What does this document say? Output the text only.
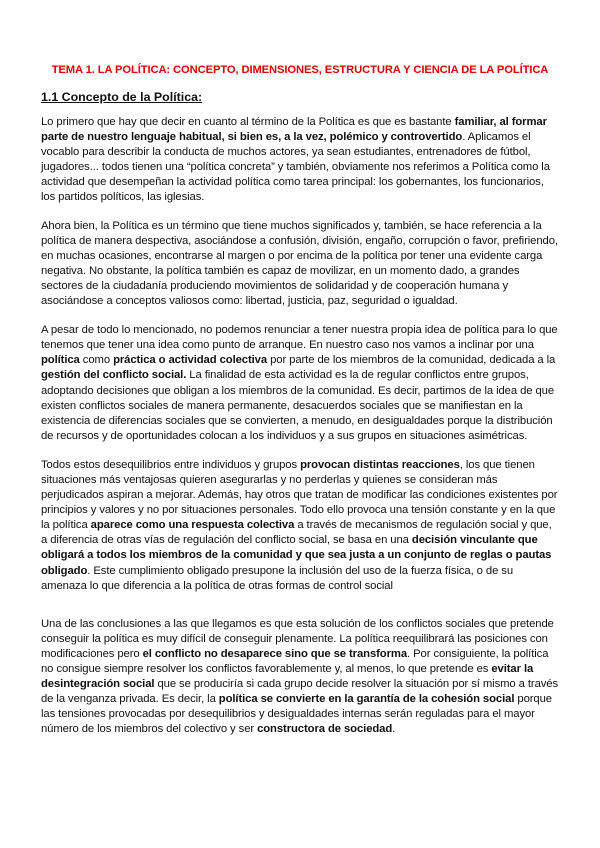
TEMA 1. LA POLÍTICA: CONCEPTO, DIMENSIONES, ESTRUCTURA Y CIENCIA DE LA POLÍTICA
1.1 Concepto de la Política:

Lo primero que hay que decir en cuanto al término de la Política es que es bastante familiar, al formar parte de nuestro lenguaje habitual, si bien es, a la vez, polémico y controvertido. Aplicamos el vocablo para describir la conducta de muchos actores, ya sean estudiantes, entrenadores de fútbol, jugadores... todos tienen una “política concreta” y también, obviamente nos referimos a Política como la actividad que desempeñan la actividad política como tarea principal: los gobernantes, los funcionarios, los partidos políticos, las iglesias.

Ahora bien, la Política es un término que tiene muchos significados y, también, se hace referencia a la política de manera despectiva, asociándose a confusión, división, engaño, corrupción o favor, prefiriendo, en muchas ocasiones, encontrarse al margen o por encima de la política por tener una evidente carga negativa. No obstante, la política también es capaz de movilizar, en un momento dado, a grandes sectores de la ciudadanía produciendo movimientos de solidaridad y de cooperación humana y asociándose a conceptos valiosos como: libertad, justicia, paz, seguridad o igualdad.

A pesar de todo lo mencionado, no podemos renunciar a tener nuestra propia idea de política para lo que tenemos que tener una idea como punto de arranque. En nuestro caso nos vamos a inclinar por una política como práctica o actividad colectiva por parte de los miembros de la comunidad, dedicada a la gestión del conflicto social. La finalidad de esta actividad es la de regular conflictos entre grupos, adoptando decisiones que obligan a los miembros de la comunidad. Es decir, partimos de la idea de que existen conflictos sociales de manera permanente, desacuerdos sociales que se manifiestan en la existencia de diferencias sociales que se convierten, a menudo, en desigualdades porque la distribución de recursos y de oportunidades colocan a los individuos y a sus grupos en situaciones asimétricas.

Todos estos desequilibrios entre individuos y grupos provocan distintas reacciones, los que tienen situaciones más ventajosas quieren asegurarlas y no perderlas y quienes se consideran más perjudicados aspiran a mejorar. Además, hay otros que tratan de modificar las condiciones existentes por principios y valores y no por situaciones personales. Todo ello provoca una tensión constante y en la que la política aparece como una respuesta colectiva a través de mecanismos de regulación social y que, a diferencia de otras vías de regulación del conflicto social, se basa en una decisión vinculante que obligará a todos los miembros de la comunidad y que sea justa a un conjunto de reglas o pautas obligado. Este cumplimiento obligado presupone la inclusión del uso de la fuerza física, o de su amenaza lo que diferencia a la política de otras formas de control social

Una de las conclusiones a las que llegamos es que esta solución de los conflictos sociales que pretende conseguir la política es muy difícil de conseguir plenamente. La política reequilibrará las posiciones con modificaciones pero el conflicto no desaparece sino que se transforma. Por consiguiente, la política no consigue siempre resolver los conflictos favorablemente y, al menos, lo que pretende es evitar la desintegración social que se produciría si cada grupo decide resolver la situación por sí mismo a través de la venganza privada. Es decir, la política se convierte en la garantía de la cohesión social porque las tensiones provocadas por desequilibrios y desigualdades internas serán reguladas para el mayor número de los miembros del colectivo y ser constructora de sociedad.
